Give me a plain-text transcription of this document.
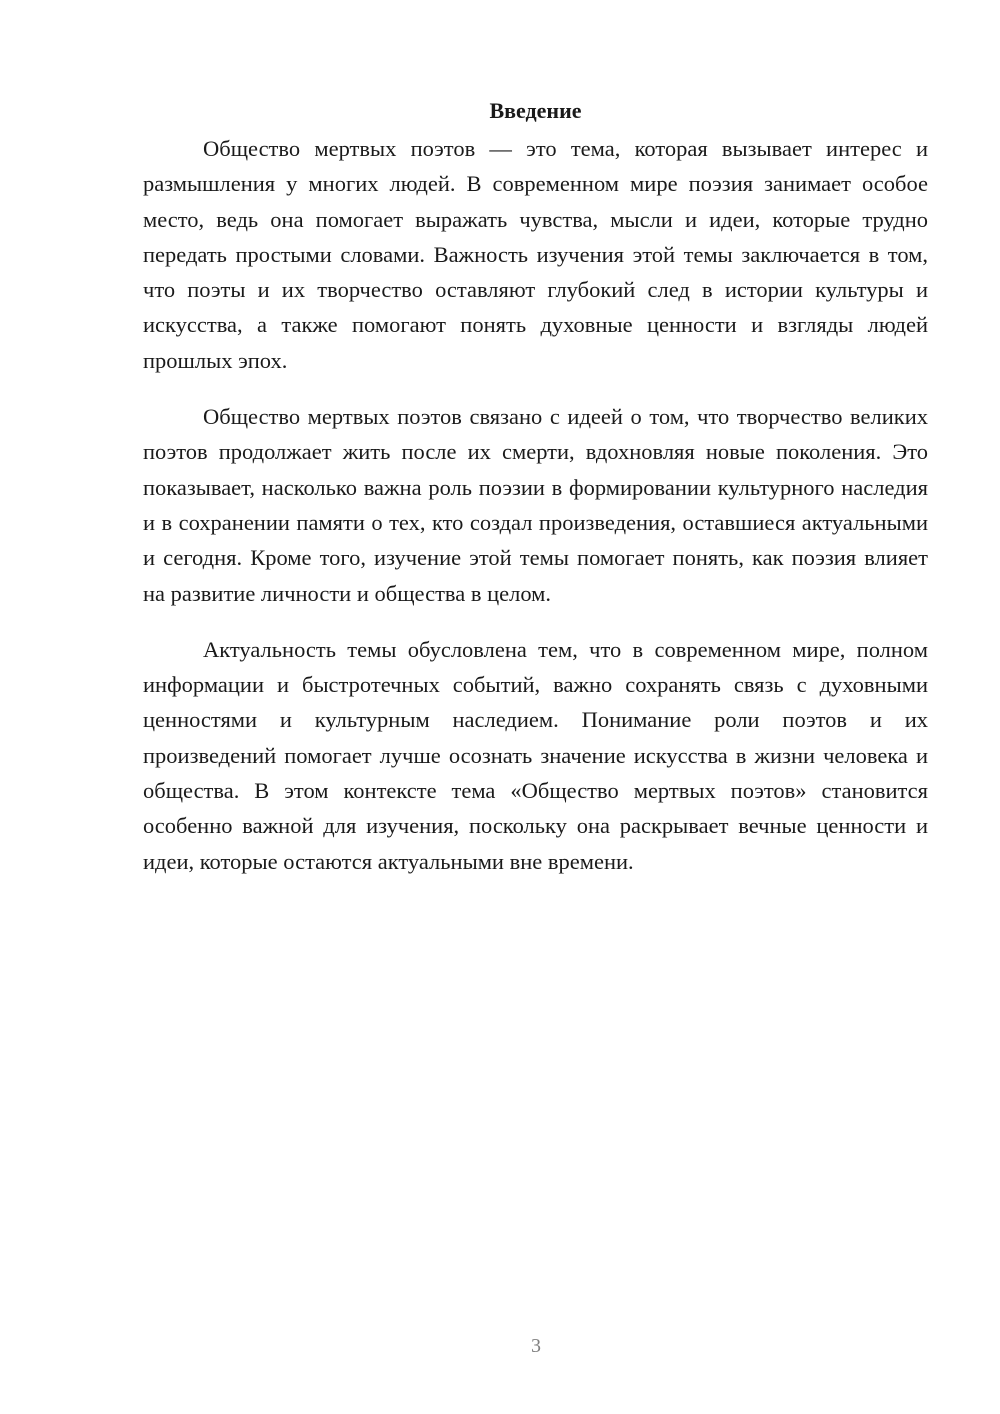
Введение

Общество мертвых поэтов — это тема, которая вызывает интерес и размышления у многих людей. В современном мире поэзия занимает особое место, ведь она помогает выражать чувства, мысли и идеи, которые трудно передать простыми словами. Важность изучения этой темы заключается в том, что поэты и их творчество оставляют глубокий след в истории культуры и искусства, а также помогают понять духовные ценности и взгляды людей прошлых эпох.

Общество мертвых поэтов связано с идеей о том, что творчество великих поэтов продолжает жить после их смерти, вдохновляя новые поколения. Это показывает, насколько важна роль поэзии в формировании культурного наследия и в сохранении памяти о тех, кто создал произведения, оставшиеся актуальными и сегодня. Кроме того, изучение этой темы помогает понять, как поэзия влияет на развитие личности и общества в целом.

Актуальность темы обусловлена тем, что в современном мире, полном информации и быстротечных событий, важно сохранять связь с духовными ценностями и культурным наследием. Понимание роли поэтов и их произведений помогает лучше осознать значение искусства в жизни человека и общества. В этом контексте тема «Общество мертвых поэтов» становится особенно важной для изучения, поскольку она раскрывает вечные ценности и идеи, которые остаются актуальными вне времени.

3
